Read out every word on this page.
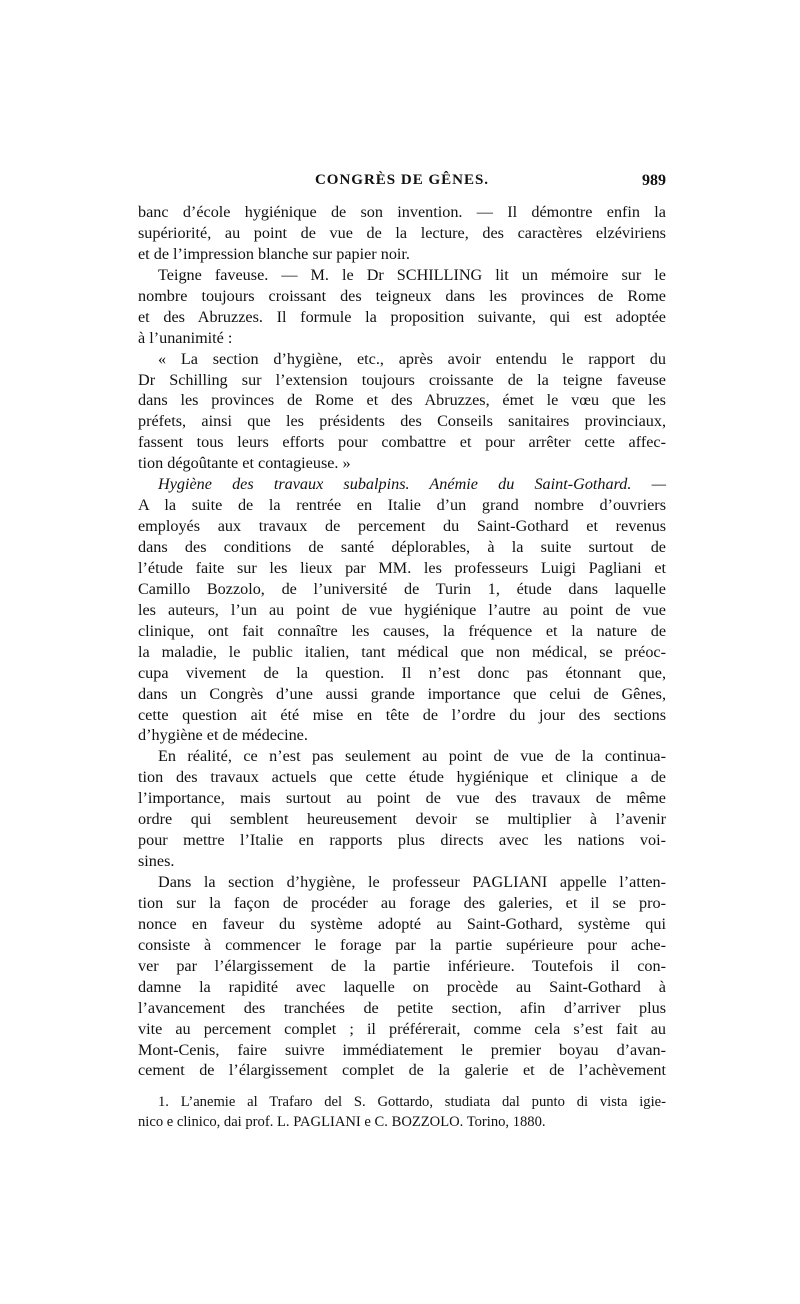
CONGRÈS DE GÊNES.	989
banc d’école hygiénique de son invention. — Il démontre enfin la
supériorité, au point de vue de la lecture, des caractères elzéviriens
et de l’impression blanche sur papier noir.
Teigne faveuse. — M. le Dr SCHILLING lit un mémoire sur le
nombre toujours croissant des teigneux dans les provinces de Rome
et des Abruzzes. Il formule la proposition suivante, qui est adoptée
à l’unanimité :
« La section d’hygiène, etc., après avoir entendu le rapport du
Dr Schilling sur l’extension toujours croissante de la teigne faveuse
dans les provinces de Rome et des Abruzzes, émet le vœu que les
préfets, ainsi que les présidents des Conseils sanitaires provinciaux,
fassent tous leurs efforts pour combattre et pour arrêter cette affec-
tion dégoûtante et contagieuse. »
Hygiène des travaux subalpins. Anémie du Saint-Gothard. —
A la suite de la rentrée en Italie d’un grand nombre d’ouvriers
employés aux travaux de percement du Saint-Gothard et revenus
dans des conditions de santé déplorables, à la suite surtout de
l’étude faite sur les lieux par MM. les professeurs Luigi Pagliani et
Camillo Bozzolo, de l’université de Turin 1, étude dans laquelle
les auteurs, l’un au point de vue hygiénique l’autre au point de vue
clinique, ont fait connaître les causes, la fréquence et la nature de
la maladie, le public italien, tant médical que non médical, se préoc-
cupa vivement de la question. Il n’est donc pas étonnant que,
dans un Congrès d’une aussi grande importance que celui de Gênes,
cette question ait été mise en tête de l’ordre du jour des sections
d’hygiène et de médecine.
En réalité, ce n’est pas seulement au point de vue de la continua-
tion des travaux actuels que cette étude hygiénique et clinique a de
l’importance, mais surtout au point de vue des travaux de même
ordre qui semblent heureusement devoir se multiplier à l’avenir
pour mettre l’Italie en rapports plus directs avec les nations voi-
sines.
Dans la section d’hygiène, le professeur PAGLIANI appelle l’atten-
tion sur la façon de procéder au forage des galeries, et il se pro-
nonce en faveur du système adopté au Saint-Gothard, système qui
consiste à commencer le forage par la partie supérieure pour ache-
ver par l’élargissement de la partie inférieure. Toutefois il con-
damne la rapidité avec laquelle on procède au Saint-Gothard à
l’avancement des tranchées de petite section, afin d’arriver plus
vite au percement complet ; il préférerait, comme cela s’est fait au
Mont-Cenis, faire suivre immédiatement le premier boyau d’avan-
cement de l’élargissement complet de la galerie et de l’achèvement
1. L’anemie al Trafaro del S. Gottardo, studiata dal punto di vista igie-
nico e clinico, dai prof. L. PAGLIANI e C. BOZZOLO. Torino, 1880.
